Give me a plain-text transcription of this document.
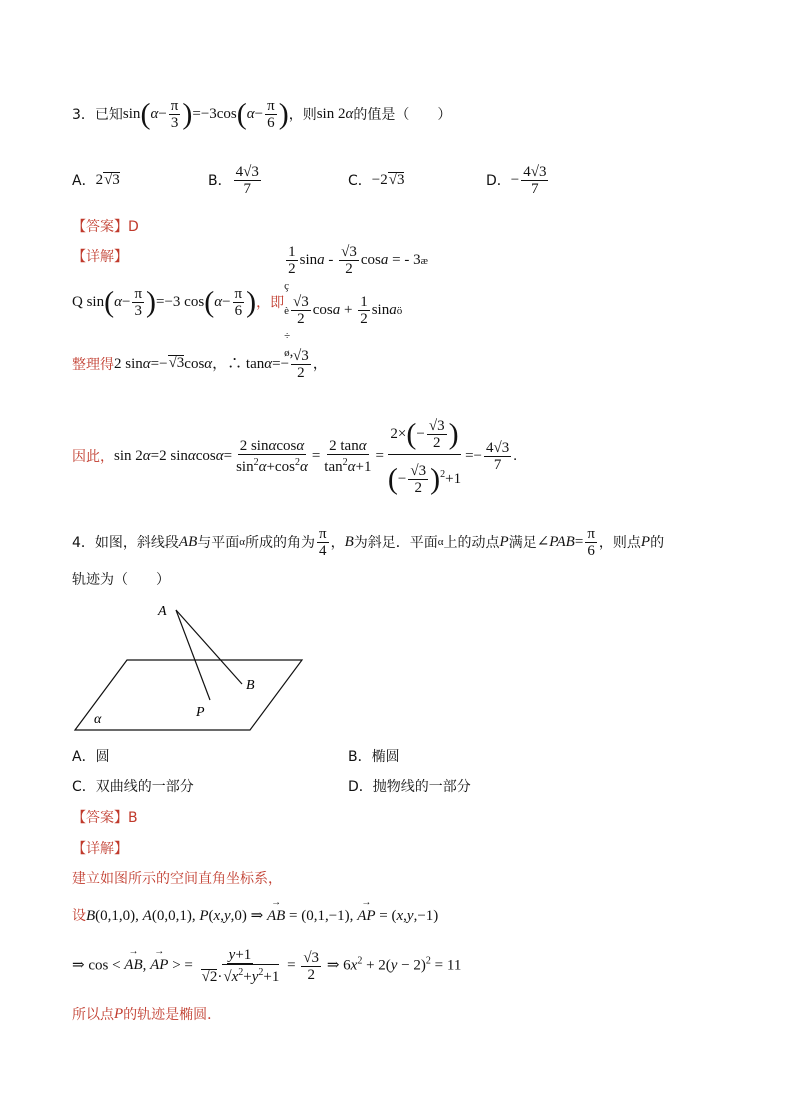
3． 已知 $\sin(\alpha- \frac{\pi}{3} )=-3\cos(\alpha- \frac{\pi}{6}$ ) ，则 sin 2α 的值是（　　）
A． 2√3	B． $\frac{4√3}{7}$	C． −2√3	D． − $\frac{4√3}{7}$
【答案】D
【详解】
Q $\sin(\alpha- \frac{\pi}{3} )=-3$ $\cos(\alpha- \frac{\pi}{6}$ ) ，即
$\frac{1}{2}$ sina - $\frac{√3}{2}$ cosa = - 3æ
ç
è $\frac{√3}{2}$ $\cos a + \frac{1}{2}$ sinaö
÷
ø,
整理得 2 sinα=−√3cosα，∴ $\tan\alpha=- \frac{√3}{2}$ ，
因此， sin 2α=2 $\sin\alpha\cos\alpha= \frac{2 \sin\alpha\cos\alpha}{\sin^2\alpha+\cos^2\alpha} = \frac{2 \tan\alpha}{\tan^2\alpha+1} = \frac{2\times(- \frac{√3}{2} )}{(- \frac{√3}{2} )^2+1} =- \frac{4√3}{7}$ .
4． 如图，斜线段 AB 与平面 α 所成的角为 $\frac{\pi}{4}$ ， B 为斜足．平面 α 上的动点 P 满足 ∠PAB= $\frac{\pi}{6}$ ，则点 P 的
轨迹为（　　）
A
B
P
α
A．圆	B．椭圆
C．双曲线的一部分	D．抛物线的一部分
【答案】B
【详解】
建立如图所示的空间直角坐标系，
设 B(0,1,0), A(0,0,1), P(x,y,0) ⇒ → AB = (0,1,−1), → AP = (x,y,−1)
⇒ cos < → AB, → AP > = $\frac{y+1}{√2\cdot√x^2+y^2+1} = \frac{√3}{2}$ ⇒ $6x^2 + 2(y - 2)^2 = 11$
所以点 P 的轨迹是椭圆．
